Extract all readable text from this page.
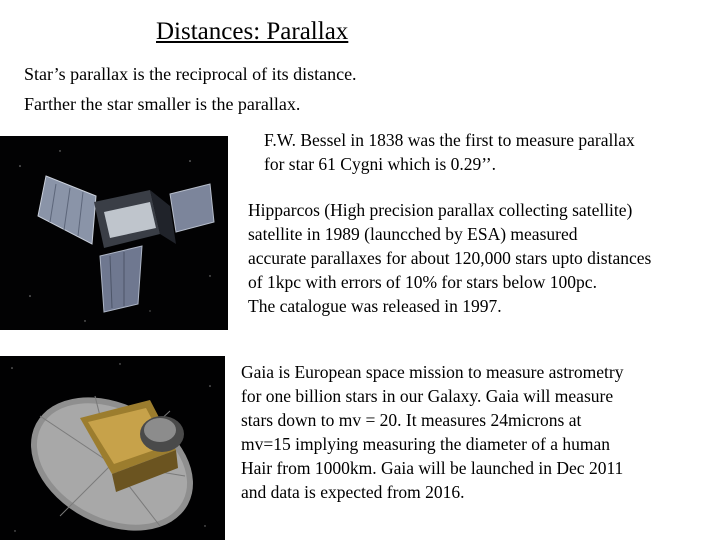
Distances: Parallax
Star’s parallax is the reciprocal of its distance.
Farther the star smaller is the parallax.
F.W. Bessel in 1838 was the first to measure parallax
for star 61 Cygni which is 0.29’’.
Hipparcos (High precision parallax collecting satellite)
satellite in 1989 (launcched by ESA) measured
accurate parallaxes for about 120,000 stars upto distances
of 1kpc with errors of 10% for stars below 100pc.
The catalogue was released in 1997.
Gaia is European space mission to measure astrometry
for one billion stars in our Galaxy. Gaia will measure
stars down to mv = 20. It measures 24microns at
mv=15 implying measuring the diameter of a human
Hair from 1000km. Gaia will be launched in Dec 2011
and data is expected from 2016.
